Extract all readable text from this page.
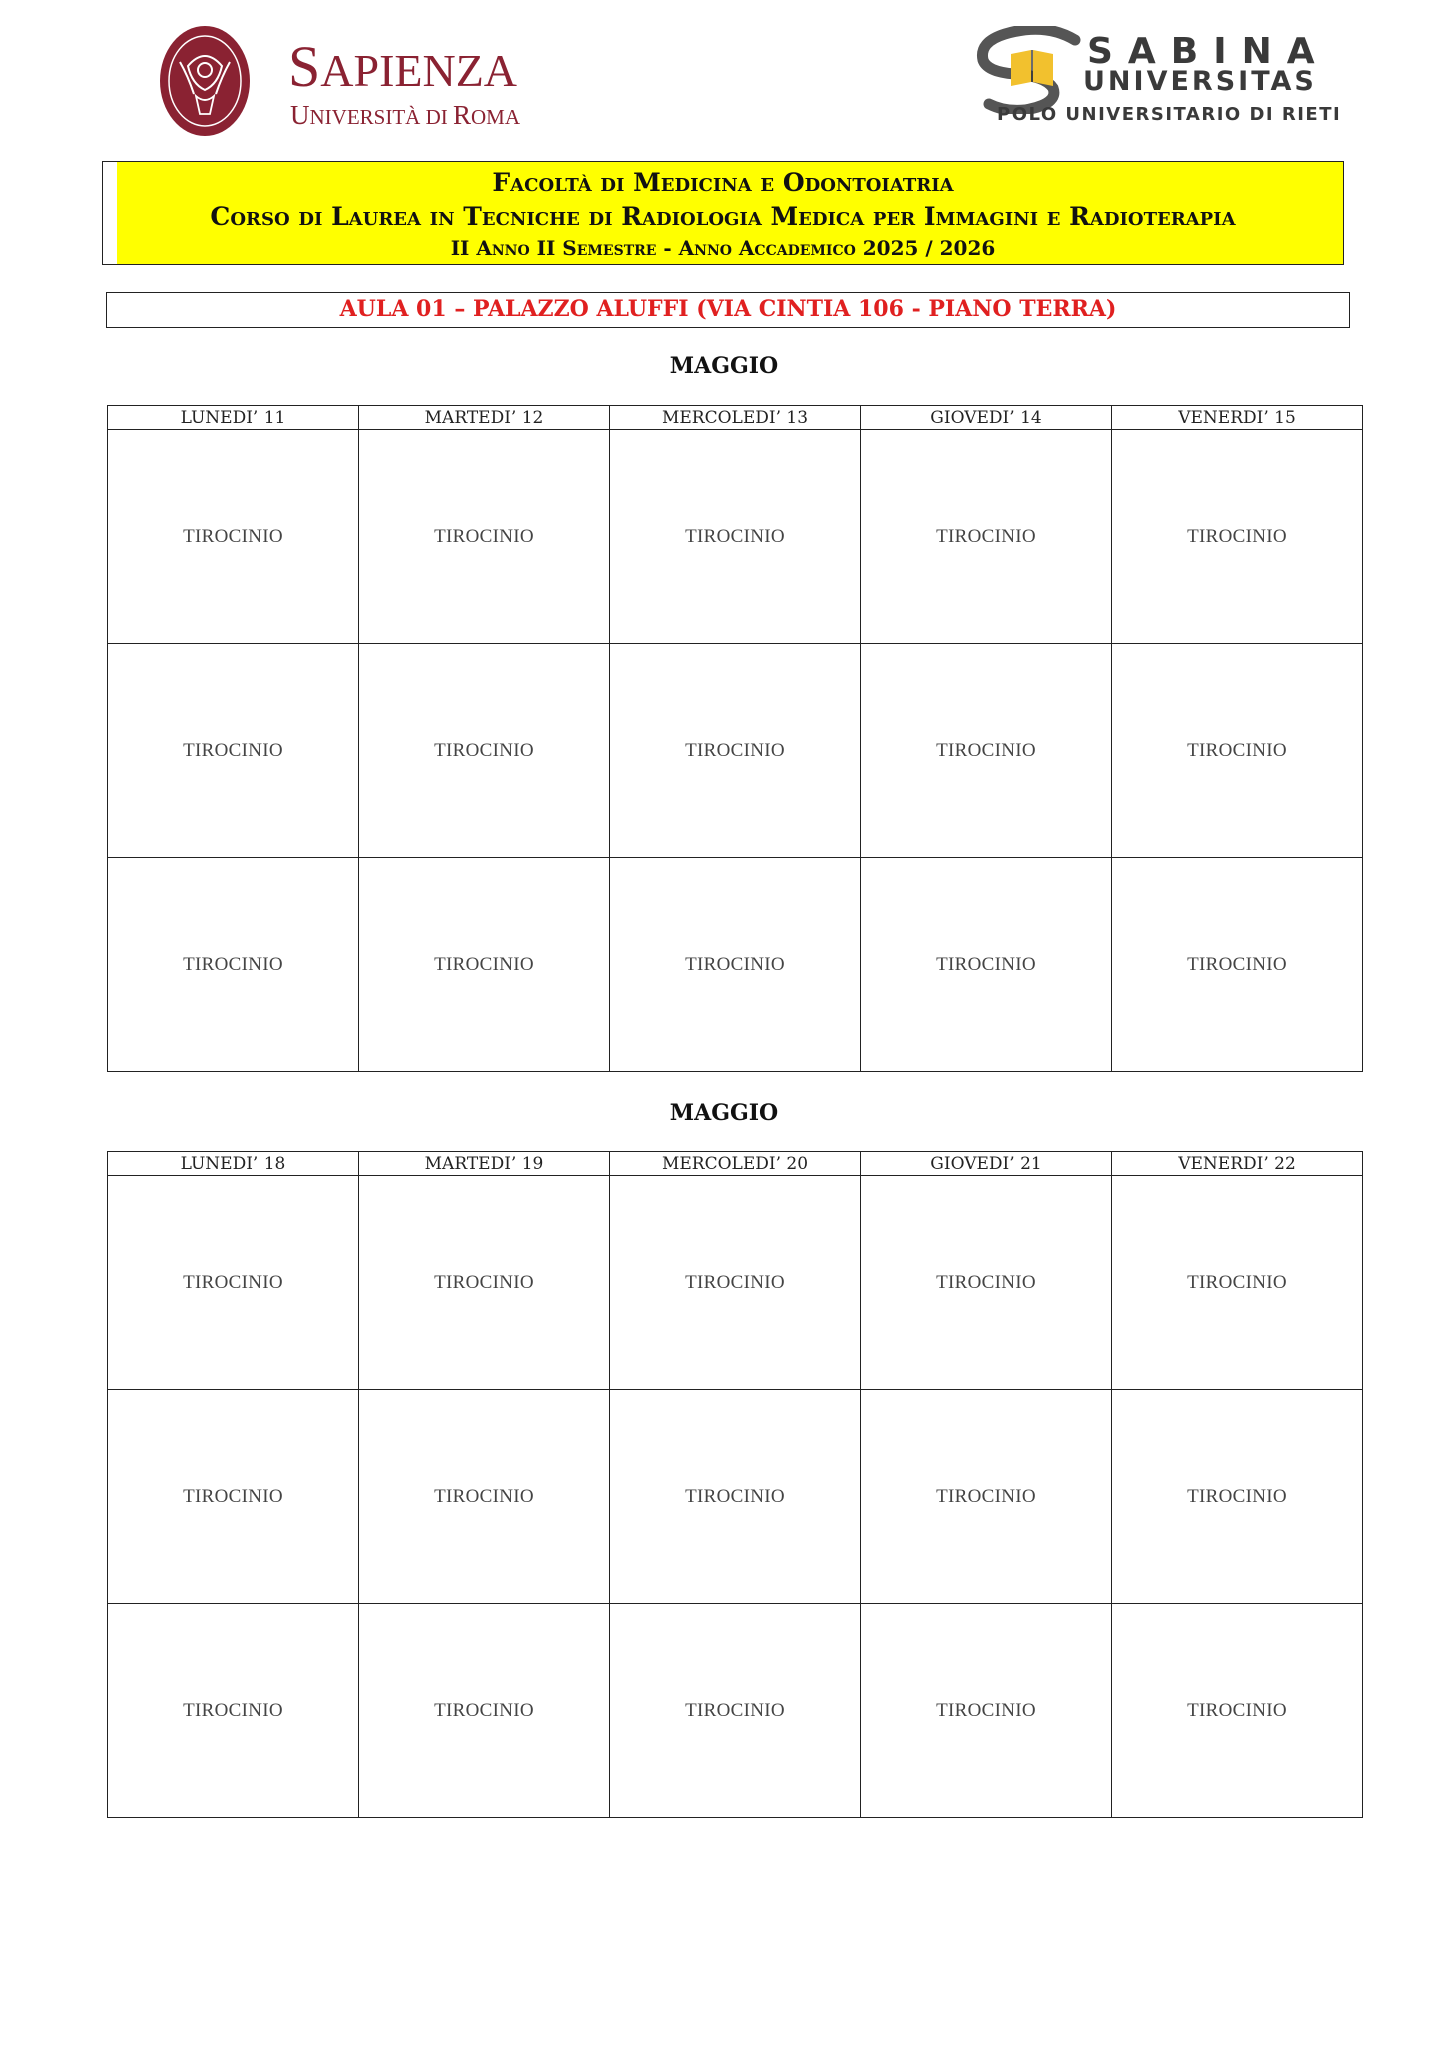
SAPIENZA
UNIVERSITÀ DI ROMA
SABINA
UNIVERSITAS
POLO UNIVERSITARIO DI RIETI
Facoltà di Medicina e Odontoiatria
Corso di Laurea in Tecniche di Radiologia Medica per Immagini e Radioterapia
II Anno II Semestre - Anno Accademico 2025 / 2026
AULA 01 – PALAZZO ALUFFI (VIA CINTIA 106 - PIANO TERRA)
MAGGIO
LUNEDI’ 11	MARTEDI’ 12	MERCOLEDI’ 13	GIOVEDI’ 14	VENERDI’ 15
TIROCINIO	TIROCINIO	TIROCINIO	TIROCINIO	TIROCINIO
TIROCINIO	TIROCINIO	TIROCINIO	TIROCINIO	TIROCINIO
TIROCINIO	TIROCINIO	TIROCINIO	TIROCINIO	TIROCINIO
MAGGIO
LUNEDI’ 18	MARTEDI’ 19	MERCOLEDI’ 20	GIOVEDI’ 21	VENERDI’ 22
TIROCINIO	TIROCINIO	TIROCINIO	TIROCINIO	TIROCINIO
TIROCINIO	TIROCINIO	TIROCINIO	TIROCINIO	TIROCINIO
TIROCINIO	TIROCINIO	TIROCINIO	TIROCINIO	TIROCINIO
